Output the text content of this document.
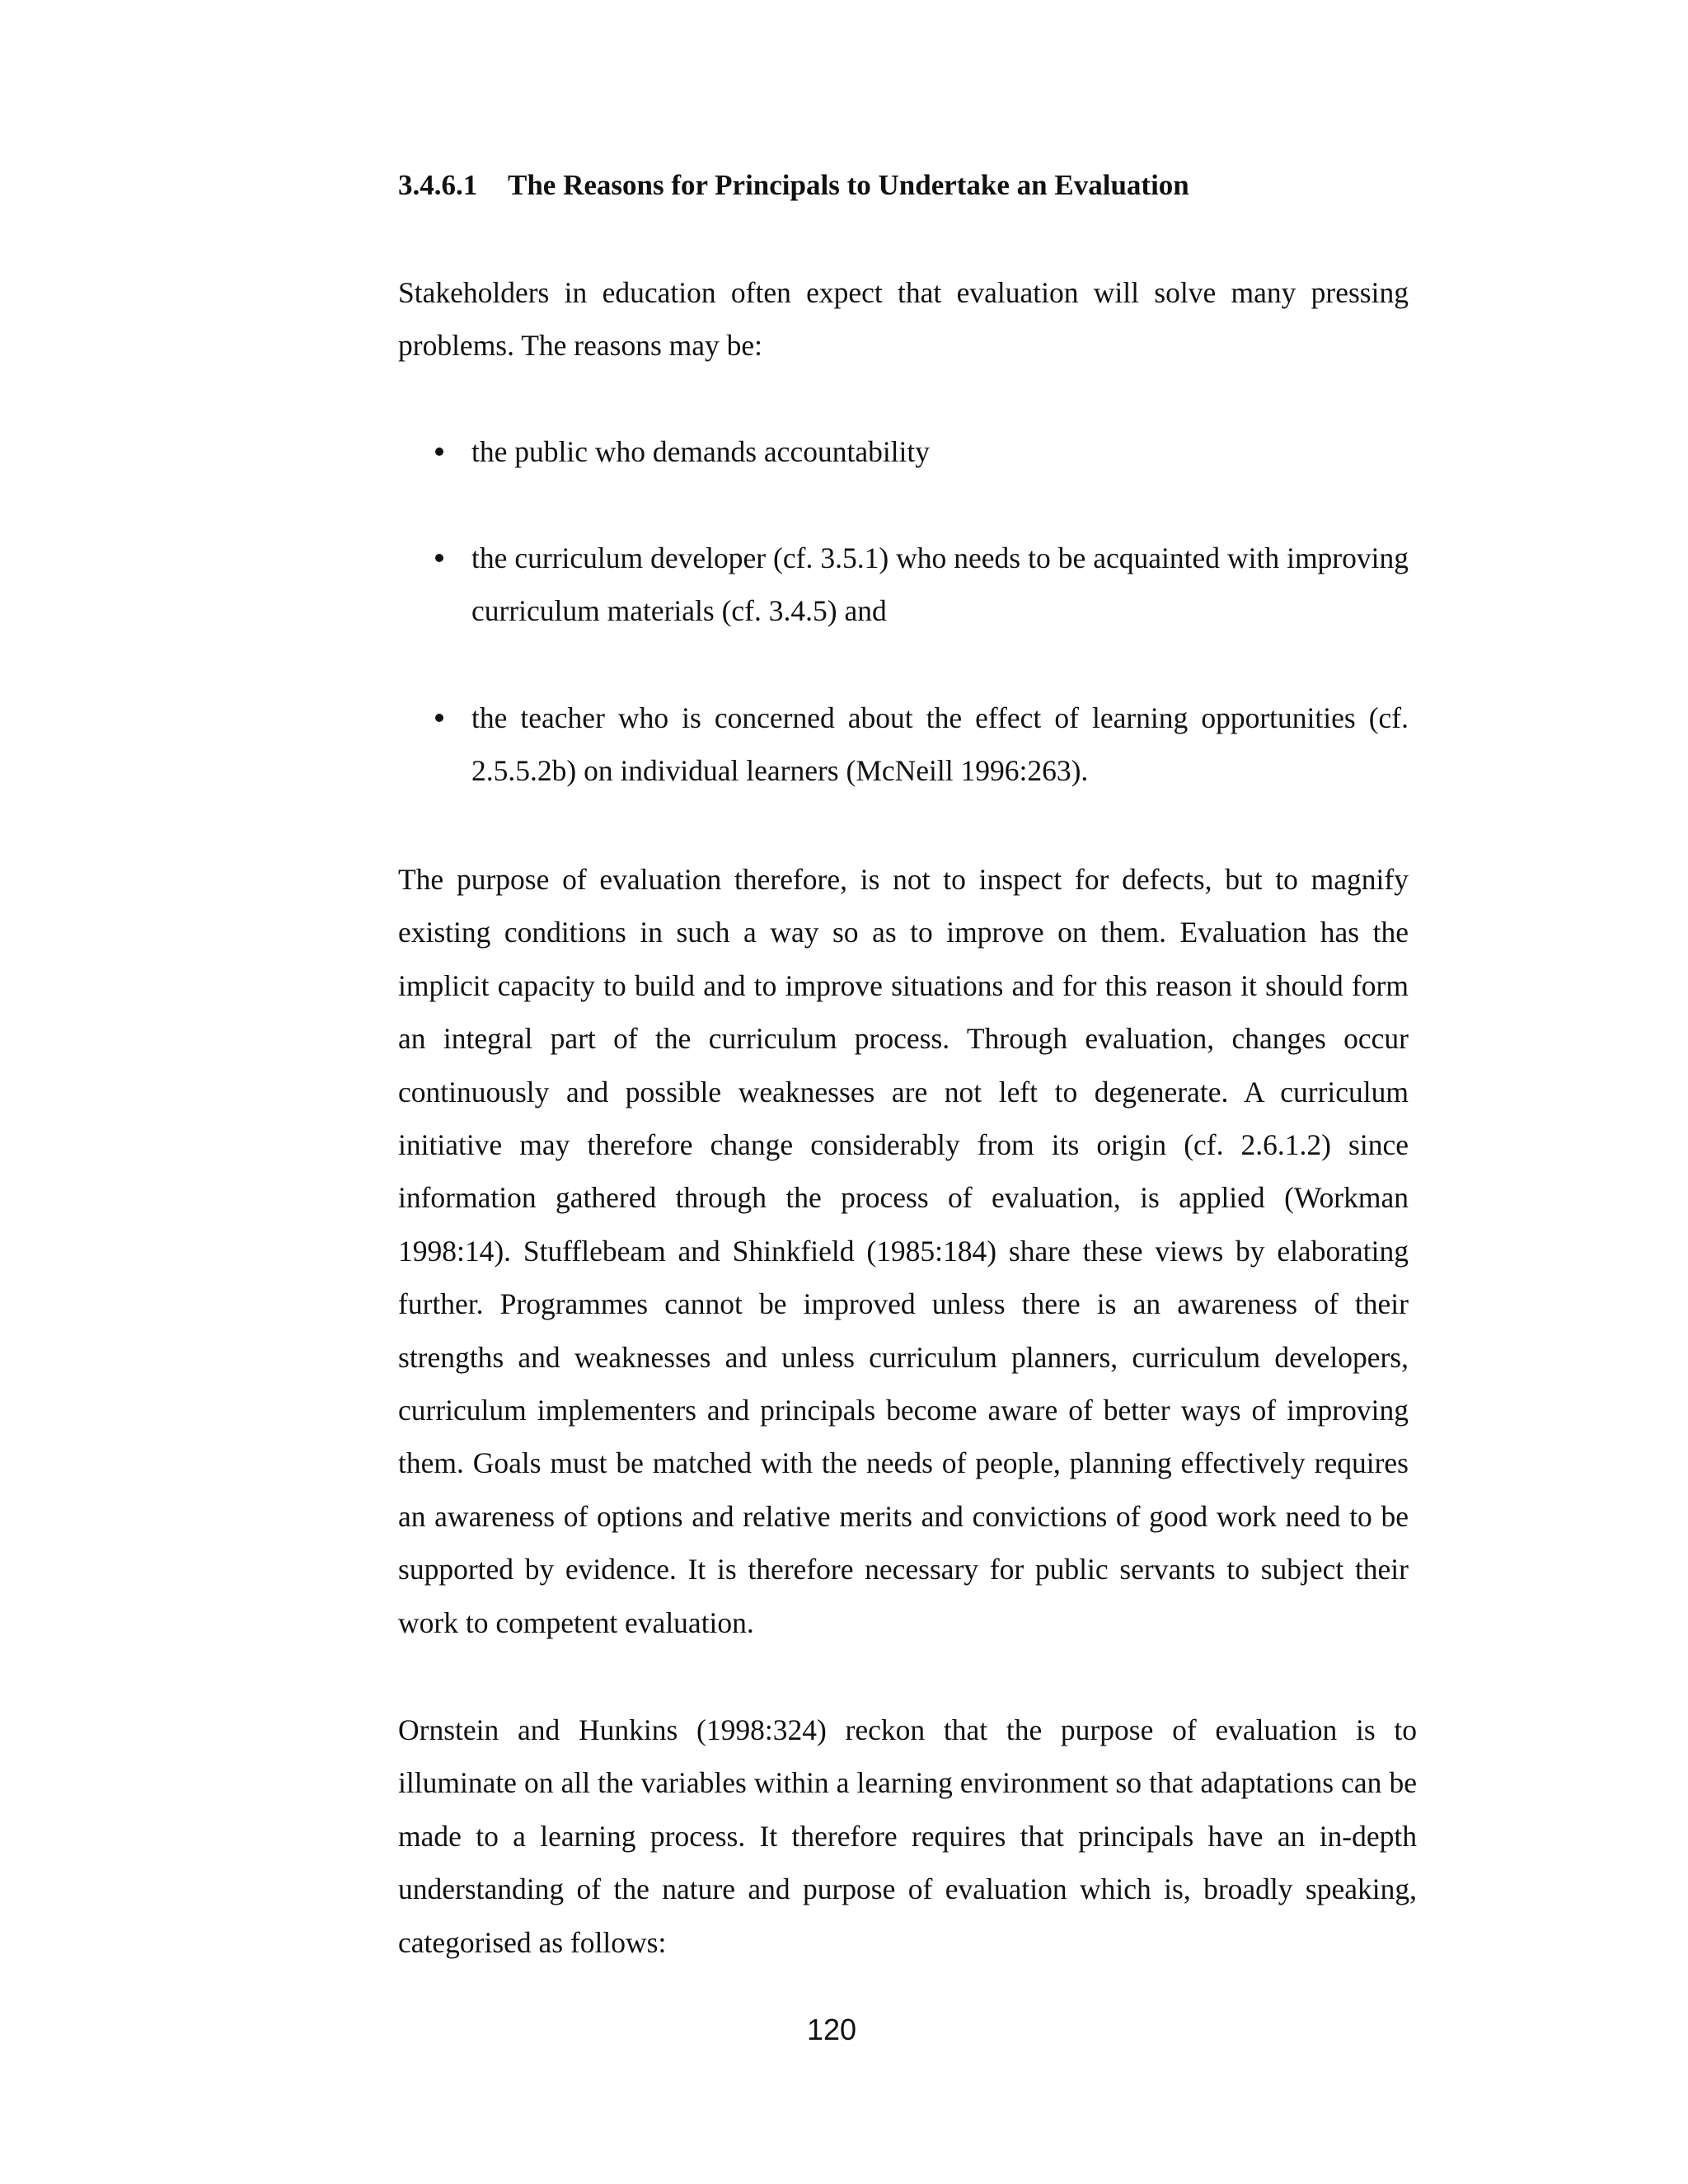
3.4.6.1 The Reasons for Principals to Undertake an Evaluation

Stakeholders in education often expect that evaluation will solve many pressing problems. The reasons may be:

the public who demands accountability
the curriculum developer (cf. 3.5.1) who needs to be acquainted with improving curriculum materials (cf. 3.4.5) and
the teacher who is concerned about the effect of learning opportunities (cf. 2.5.5.2b) on individual learners (McNeill 1996:263).

The purpose of evaluation therefore, is not to inspect for defects, but to magnify existing conditions in such a way so as to improve on them. Evaluation has the implicit capacity to build and to improve situations and for this reason it should form an integral part of the curriculum process. Through evaluation, changes occur continuously and possible weaknesses are not left to degenerate. A curriculum initiative may therefore change considerably from its origin (cf. 2.6.1.2) since information gathered through the process of evaluation, is applied (Workman 1998:14). Stufflebeam and Shinkfield (1985:184) share these views by elaborating further. Programmes cannot be improved unless there is an awareness of their strengths and weaknesses and unless curriculum planners, curriculum developers, curriculum implementers and principals become aware of better ways of improving them. Goals must be matched with the needs of people, planning effectively requires an awareness of options and relative merits and convictions of good work need to be supported by evidence. It is therefore necessary for public servants to subject their work to competent evaluation.

Ornstein and Hunkins (1998:324) reckon that the purpose of evaluation is to illuminate on all the variables within a learning environment so that adaptations can be made to a learning process. It therefore requires that principals have an in-depth understanding of the nature and purpose of evaluation which is, broadly speaking, categorised as follows:

120
